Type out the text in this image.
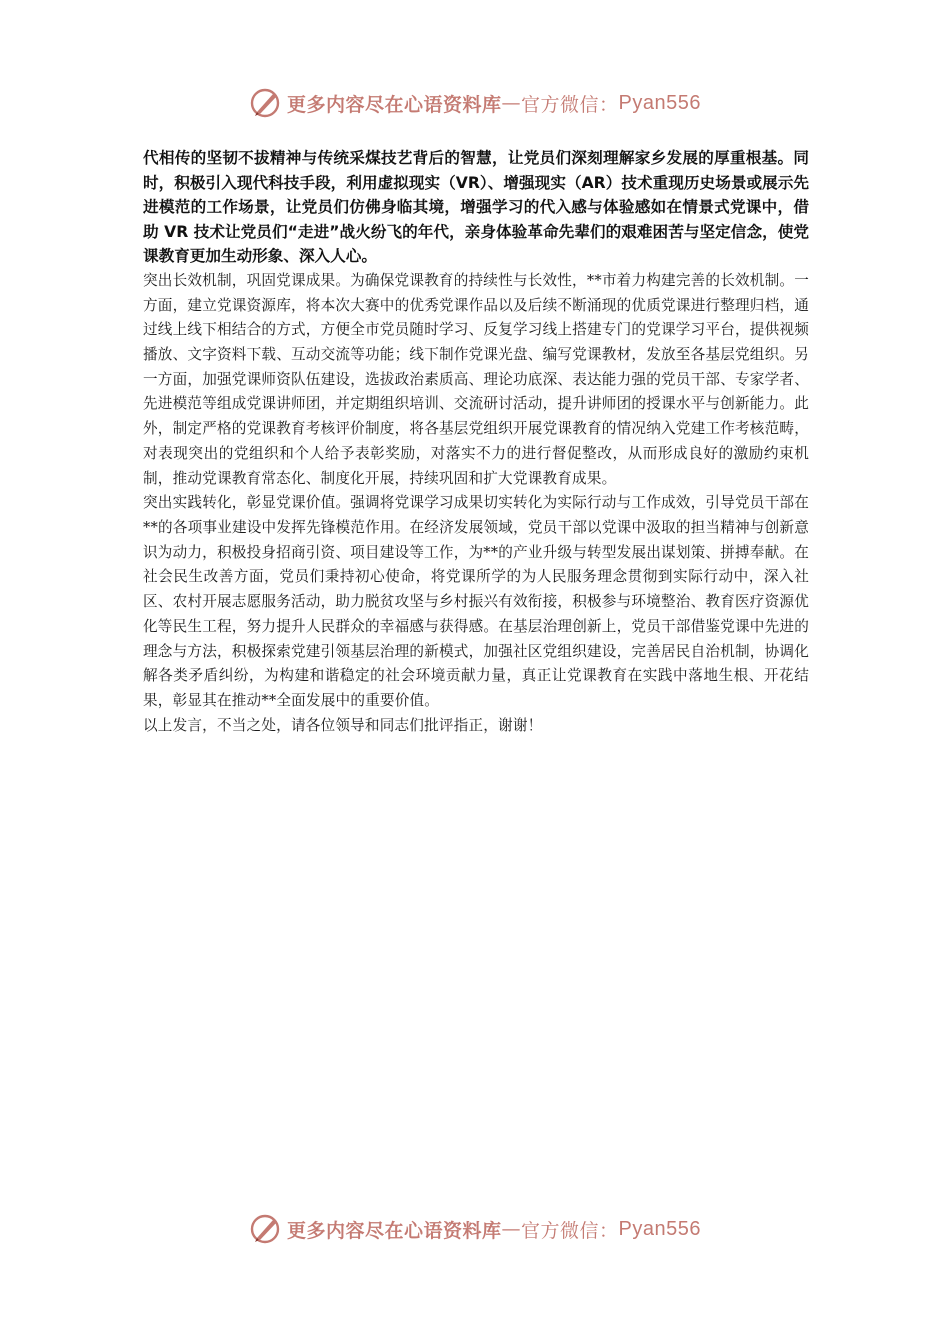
更多内容尽在心语资料库 — 官方微信： Pyan556

代相传的坚韧不拔精神与传统采煤技艺背后的智慧，让党员们深刻理解家乡发展的厚重根基。同时，积极引入现代科技手段，利用虚拟现实（VR）、增强现实（AR）技术重现历史场景或展示先进模范的工作场景，让党员们仿佛身临其境，增强学习的代入感与体验感如在情景式党课中，借助 VR 技术让党员们“走进”战火纷飞的年代，亲身体验革命先辈们的艰难困苦与坚定信念，使党课教育更加生动形象、深入人心。

突出长效机制，巩固党课成果。为确保党课教育的持续性与长效性，**市着力构建完善的长效机制。一方面，建立党课资源库，将本次大赛中的优秀党课作品以及后续不断涌现的优质党课进行整理归档，通过线上线下相结合的方式，方便全市党员随时学习、反复学习线上搭建专门的党课学习平台，提供视频播放、文字资料下载、互动交流等功能；线下制作党课光盘、编写党课教材，发放至各基层党组织。另一方面，加强党课师资队伍建设，选拔政治素质高、理论功底深、表达能力强的党员干部、专家学者、先进模范等组成党课讲师团，并定期组织培训、交流研讨活动，提升讲师团的授课水平与创新能力。此外，制定严格的党课教育考核评价制度，将各基层党组织开展党课教育的情况纳入党建工作考核范畴，对表现突出的党组织和个人给予表彰奖励，对落实不力的进行督促整改，从而形成良好的激励约束机制，推动党课教育常态化、制度化开展，持续巩固和扩大党课教育成果。

突出实践转化，彰显党课价值。强调将党课学习成果切实转化为实际行动与工作成效，引导党员干部在**的各项事业建设中发挥先锋模范作用。在经济发展领域，党员干部以党课中汲取的担当精神与创新意识为动力，积极投身招商引资、项目建设等工作，为**的产业升级与转型发展出谋划策、拼搏奉献。在社会民生改善方面，党员们秉持初心使命，将党课所学的为人民服务理念贯彻到实际行动中，深入社区、农村开展志愿服务活动，助力脱贫攻坚与乡村振兴有效衔接，积极参与环境整治、教育医疗资源优化等民生工程，努力提升人民群众的幸福感与获得感。在基层治理创新上，党员干部借鉴党课中先进的理念与方法，积极探索党建引领基层治理的新模式，加强社区党组织建设，完善居民自治机制，协调化解各类矛盾纠纷，为构建和谐稳定的社会环境贡献力量，真正让党课教育在实践中落地生根、开花结果，彰显其在推动**全面发展中的重要价值。

以上发言，不当之处，请各位领导和同志们批评指正，谢谢！

更多内容尽在心语资料库 — 官方微信： Pyan556
